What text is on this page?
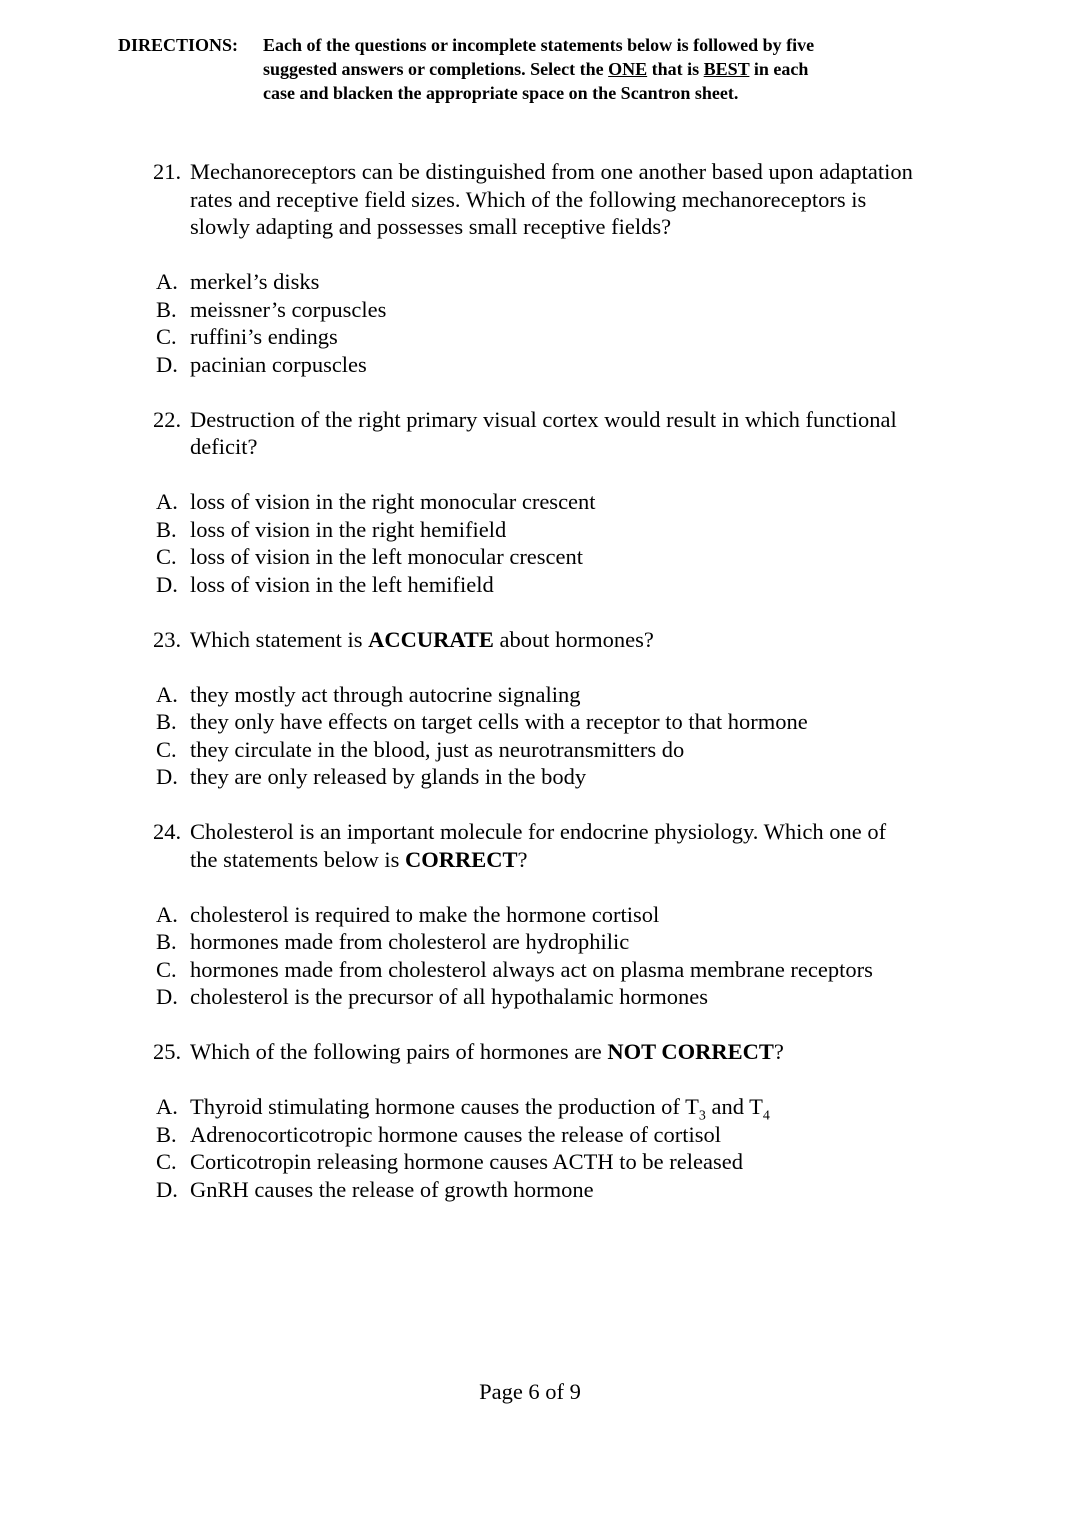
DIRECTIONS:	Each of the questions or incomplete statements below is followed by five
suggested answers or completions. Select the ONE that is BEST in each
case and blacken the appropriate space on the Scantron sheet.
21. Mechanoreceptors can be distinguished from one another based upon adaptation
rates and receptive field sizes. Which of the following mechanoreceptors is
slowly adapting and possesses small receptive fields?
A. merkel’s disks
B. meissner’s corpuscles
C. ruffini’s endings
D. pacinian corpuscles
22. Destruction of the right primary visual cortex would result in which functional
deficit?
A. loss of vision in the right monocular crescent
B. loss of vision in the right hemifield
C. loss of vision in the left monocular crescent
D. loss of vision in the left hemifield
23. Which statement is ACCURATE about hormones?
A. they mostly act through autocrine signaling
B. they only have effects on target cells with a receptor to that hormone
C. they circulate in the blood, just as neurotransmitters do
D. they are only released by glands in the body
24. Cholesterol is an important molecule for endocrine physiology. Which one of
the statements below is CORRECT?
A. cholesterol is required to make the hormone cortisol
B. hormones made from cholesterol are hydrophilic
C. hormones made from cholesterol always act on plasma membrane receptors
D. cholesterol is the precursor of all hypothalamic hormones
25. Which of the following pairs of hormones are NOT CORRECT?
A. Thyroid stimulating hormone causes the production of $T_3$ and $T_4$
B. Adrenocorticotropic hormone causes the release of cortisol
C. Corticotropin releasing hormone causes ACTH to be released
D. GnRH causes the release of growth hormone
Page 6 of 9
